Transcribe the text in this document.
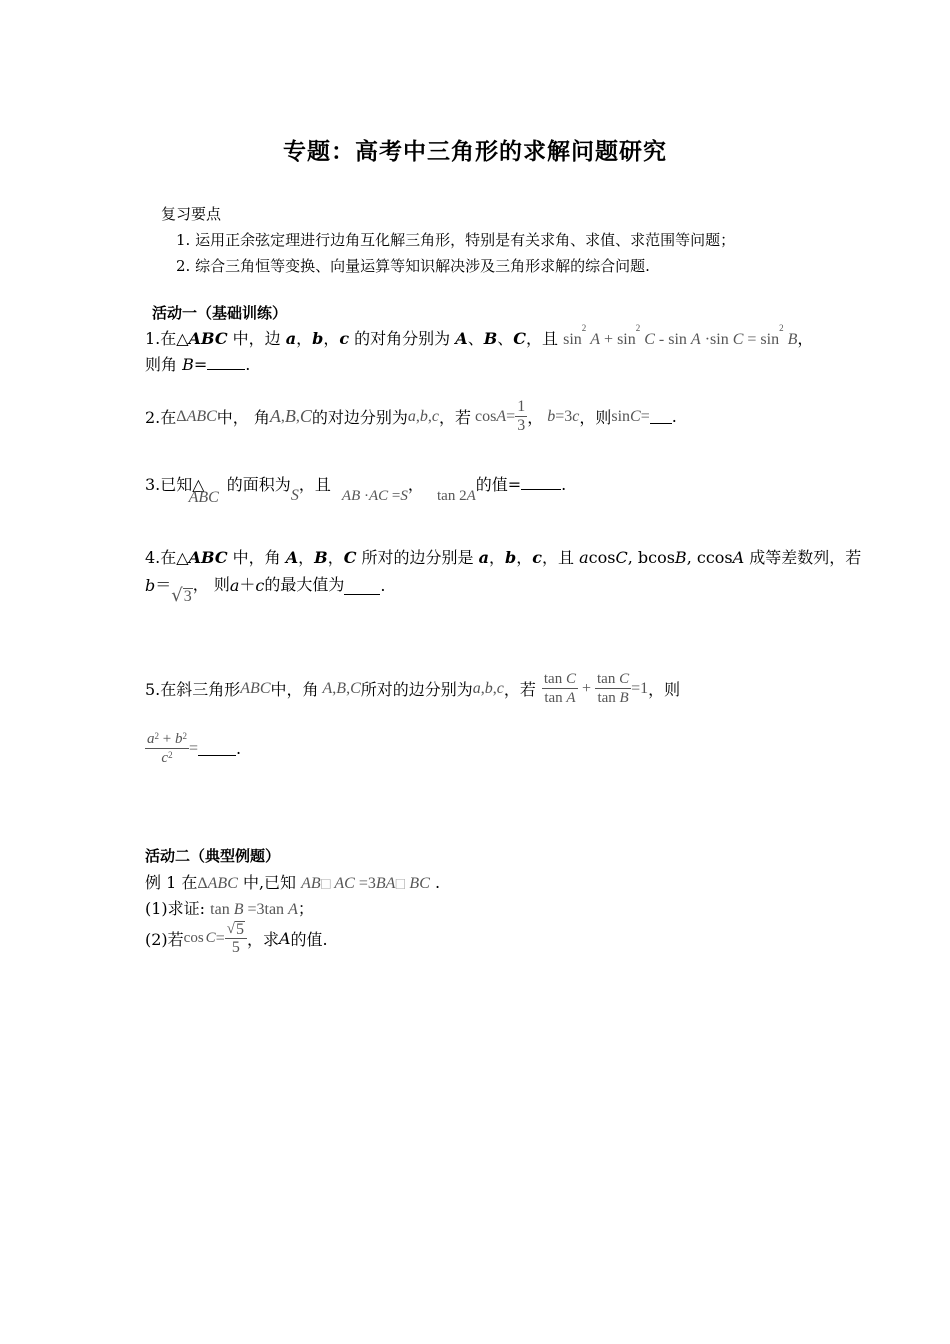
专题：高考中三角形的求解问题研究
复习要点
1. 运用正余弦定理进行边角互化解三角形，特别是有关求角、求值、求范围等问题；
2. 综合三角恒等变换、向量运算等知识解决涉及三角形求解的综合问题.
活动一（基础训练）
1.在△ABC 中，边 a，b，c 的对角分别为 A、B、C，且 $\sin^2 A + \sin^2 C - \sin A \cdot\sin$ $C = \sin^2 B$，
则角 B= .
2.在 Δ ABC 中， 角 A , B , C 的对边分别为 a , b , c ，若 $\cos A = \frac{1}{3}$ ， b =3 c ，则 sin C = .
3.已知△ABC的面积为S，且 AB ·AC =S， tan 2A的值=	.
4.在△ABC 中，角 A，B，C 所对的边分别是 a，b，c，且 acosC, bcosB, ccosA 成等差数列，若
b ＝
√ 3
， 则 a ＋ c 的最大值为 .
5.在斜三角形 ABC 中，角 A , B , C 所对的边分别为 a , b , c ，若 $\frac{\text{tan C}}{\text{tan A}} + \frac{\text{tan C}}{\text{tan B}} =1$ ，则
$\frac{a^2 + b^2}{c^2}$ = .
活动二（典型例题）
例 1 在ΔABC 中,已知 AB⃞ AC =3BA⃞ BC .
(1)求证: tan B =3tan A；
(2)若 $\cos C = \frac{√ 5}{5}$ ，求 A 的值.
